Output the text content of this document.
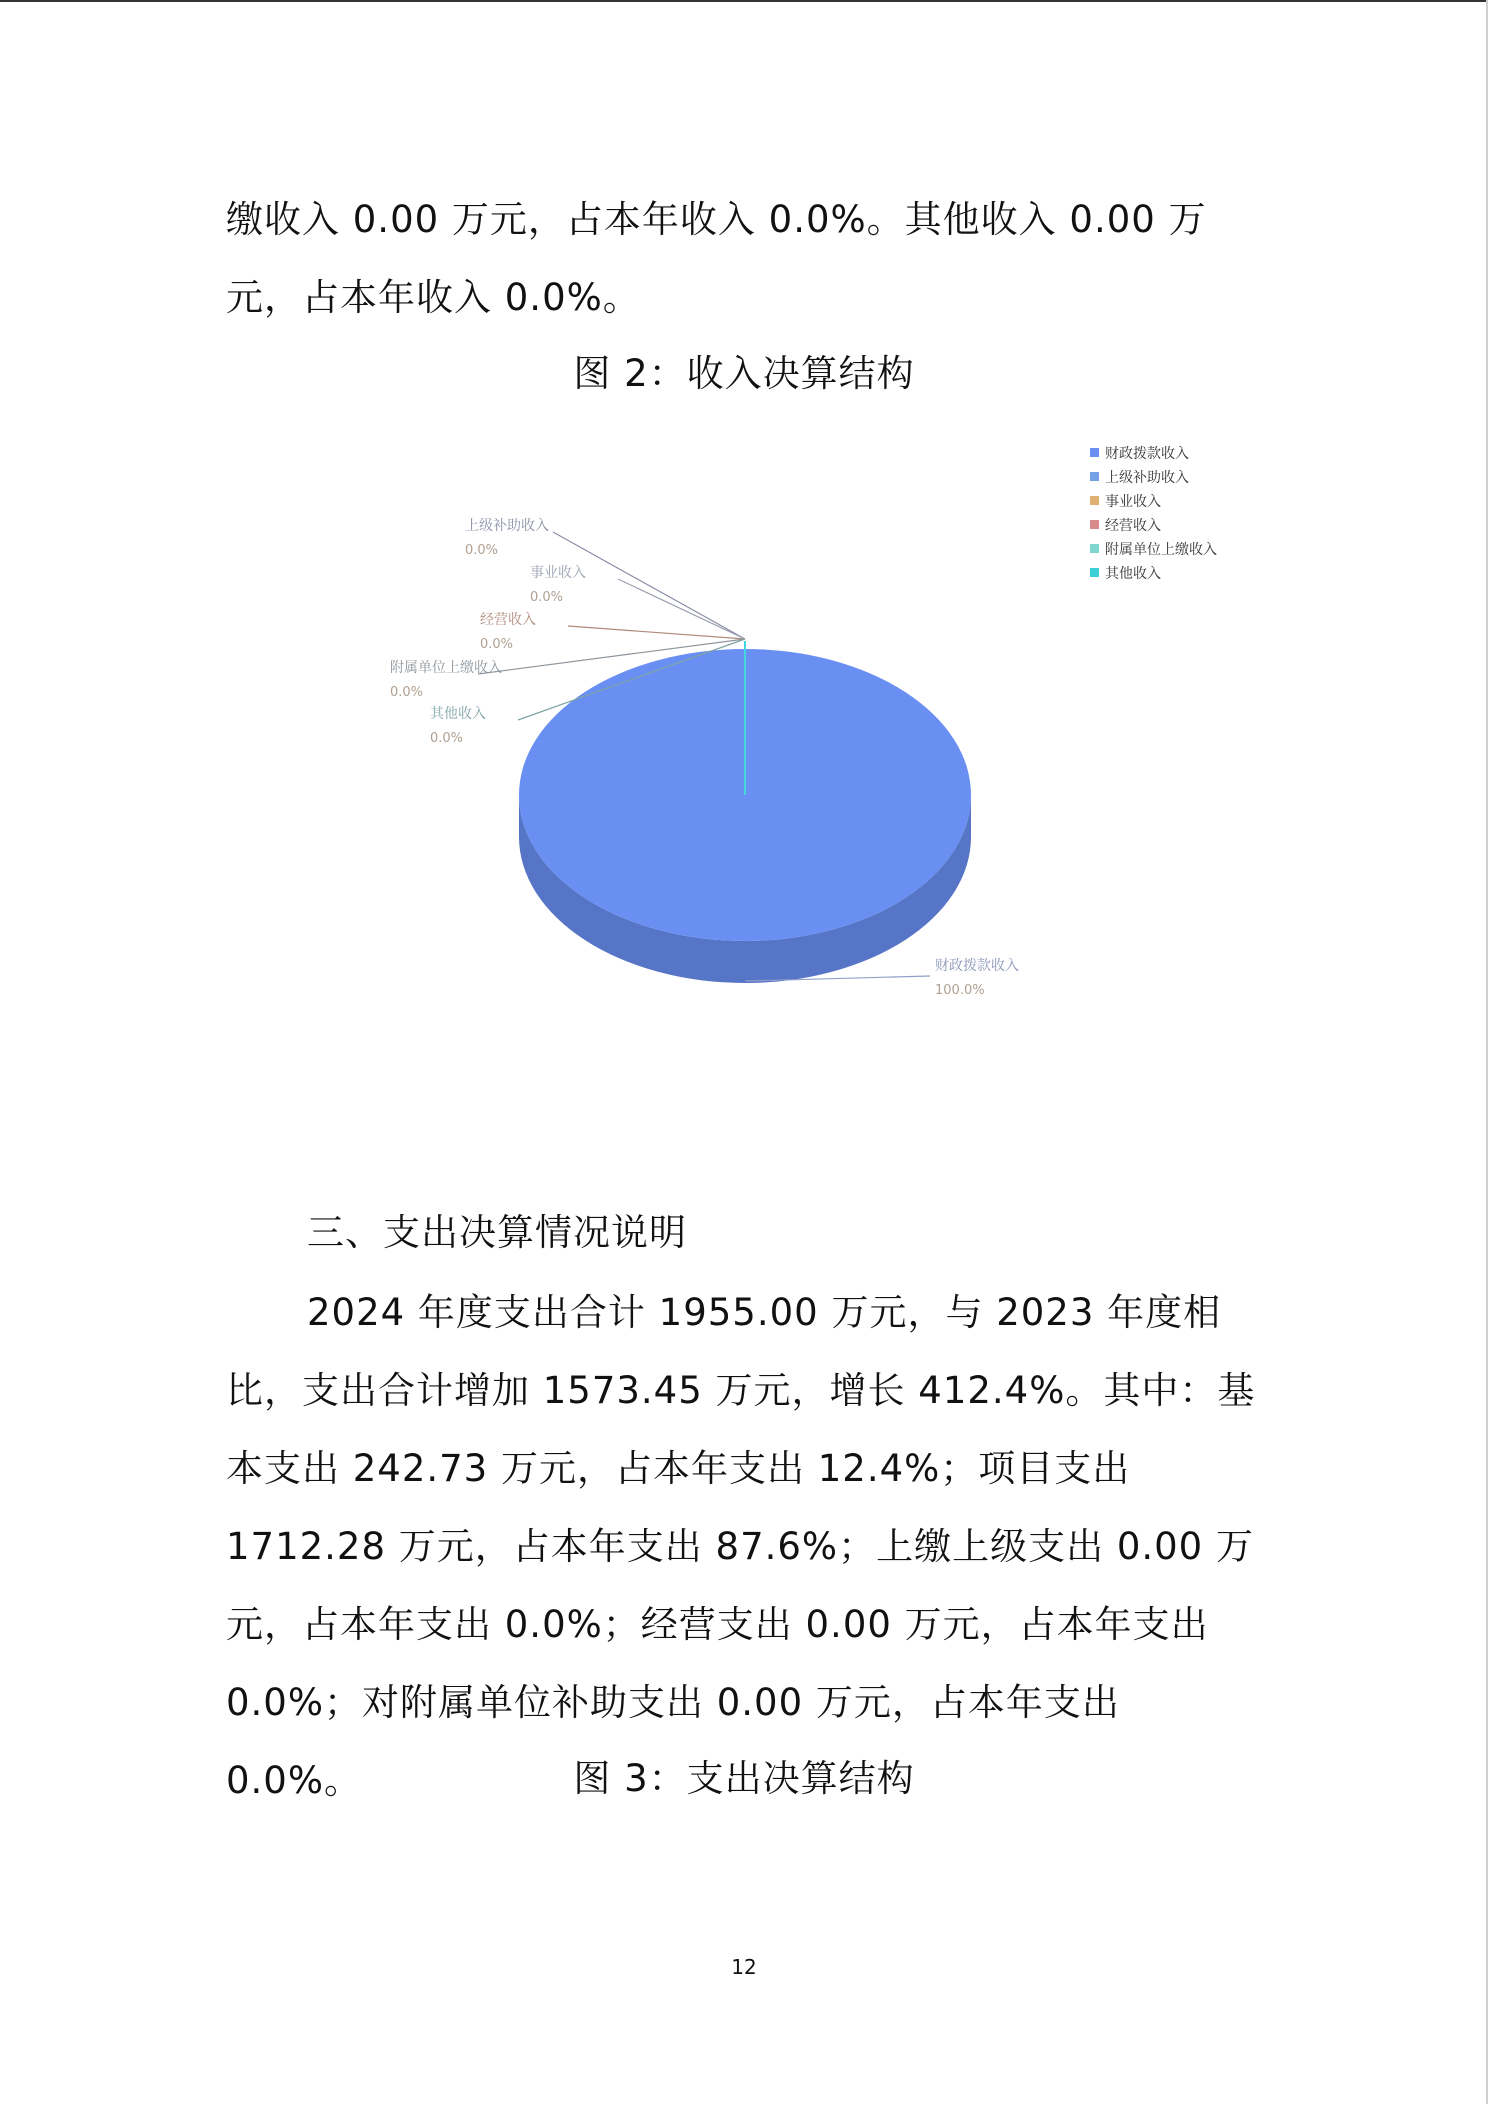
缴收入 0.00 万元，占本年收入 0.0%。其他收入 0.00 万元，占本年收入 0.0%。

图 2：收入决算结构
财政拨款收入
100.0%
上级补助收入
0.0%
事业收入
0.0%
经营收入
0.0%
附属单位上缴收入
0.0%
其他收入
0.0%
财政拨款收入
上级补助收入
事业收入
经营收入
附属单位上缴收入
其他收入
三、支出决算情况说明

2024 年度支出合计 1955.00 万元，与 2023 年度相比，支出合计增加 1573.45 万元，增长 412.4%。其中：基本支出 242.73 万元，占本年支出 12.4%；项目支出 1712.28 万元，占本年支出 87.6%；上缴上级支出 0.00 万元，占本年支出 0.0%；经营支出 0.00 万元，占本年支出 0.0%；对附属单位补助支出 0.00 万元，占本年支出 0.0%。	图 3：支出决算结构
12
